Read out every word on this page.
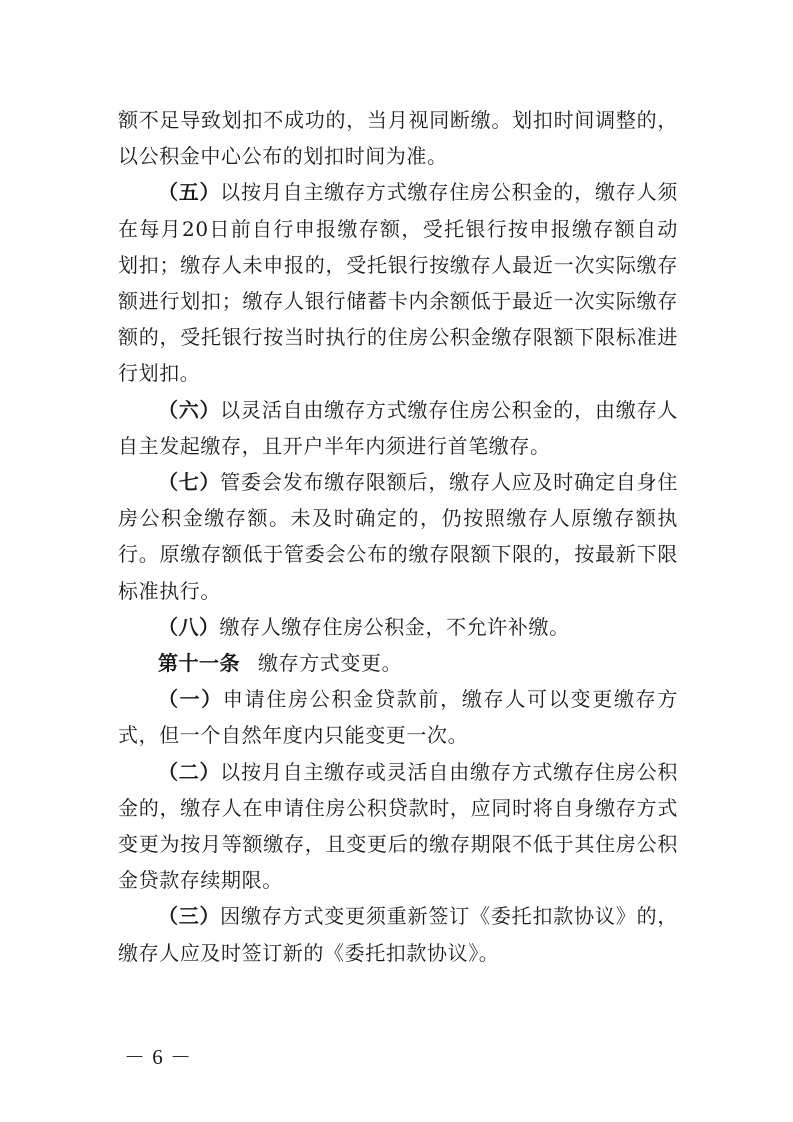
额不足导致划扣不成功的，当月视同断缴。划扣时间调整的，以公积金中心公布的划扣时间为准。

（五）以按月自主缴存方式缴存住房公积金的，缴存人须在每月20日前自行申报缴存额，受托银行按申报缴存额自动划扣；缴存人未申报的，受托银行按缴存人最近一次实际缴存额进行划扣；缴存人银行储蓄卡内余额低于最近一次实际缴存额的，受托银行按当时执行的住房公积金缴存限额下限标准进行划扣。

（六）以灵活自由缴存方式缴存住房公积金的，由缴存人自主发起缴存，且开户半年内须进行首笔缴存。

（七）管委会发布缴存限额后，缴存人应及时确定自身住房公积金缴存额。未及时确定的，仍按照缴存人原缴存额执行。原缴存额低于管委会公布的缴存限额下限的，按最新下限标准执行。

（八）缴存人缴存住房公积金，不允许补缴。

第十一条 缴存方式变更。

（一）申请住房公积金贷款前，缴存人可以变更缴存方式，但一个自然年度内只能变更一次。

（二）以按月自主缴存或灵活自由缴存方式缴存住房公积金的，缴存人在申请住房公积贷款时，应同时将自身缴存方式变更为按月等额缴存，且变更后的缴存期限不低于其住房公积金贷款存续期限。

（三）因缴存方式变更须重新签订《委托扣款协议》的，缴存人应及时签订新的《委托扣款协议》。

－ 6 －
